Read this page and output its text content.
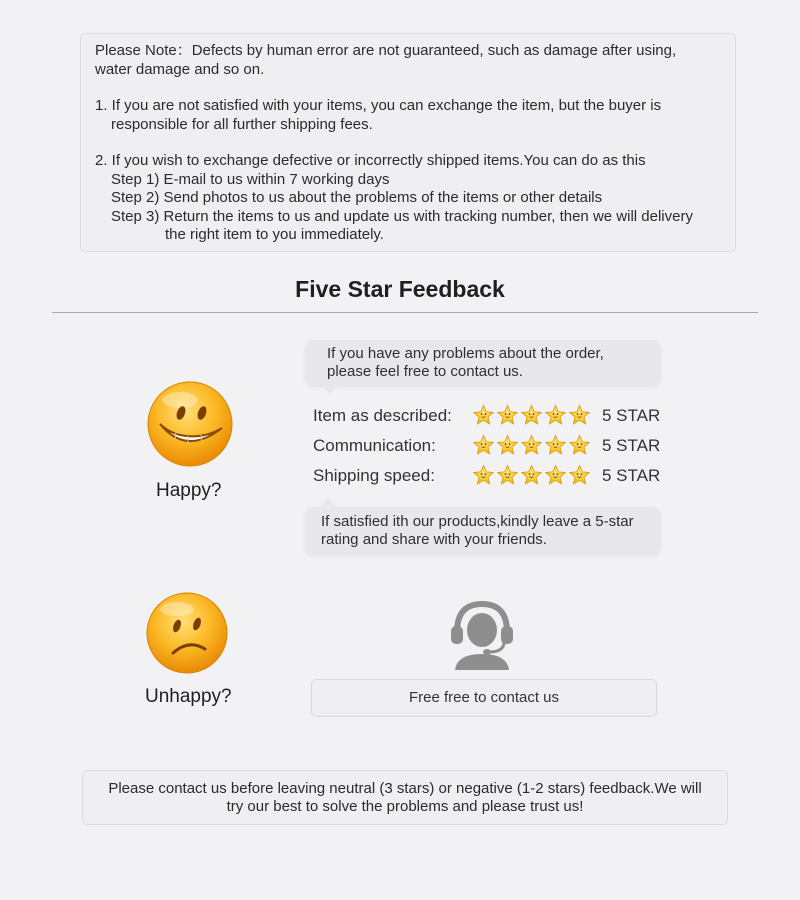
Please Note：Defects by human error are not guaranteed, such as damage after using,

water damage and so on.

1. If you are not satisfied with your items, you can exchange the item, but the buyer is

responsible for all further shipping fees.

2. If you wish to exchange defective or incorrectly shipped items.You can do as this

Step 1) E-mail to us within 7 working days

Step 2) Send photos to us about the problems of the items or other details

Step 3) Return the items to us and update us with tracking number, then we will delivery

the right item to you immediately.

Five Star Feedback
Happy?
If you have any problems about the order,
please feel free to contact us.
Item as described:	5 STAR
Communication:	5 STAR
Shipping speed:	5 STAR
If satisfied ith our products,kindly leave a 5-star
rating and share with your friends.
Unhappy?	Free free to contact us
Please contact us before leaving neutral (3 stars) or negative (1-2 stars) feedback.We will
try our best to solve the problems and please trust us!
